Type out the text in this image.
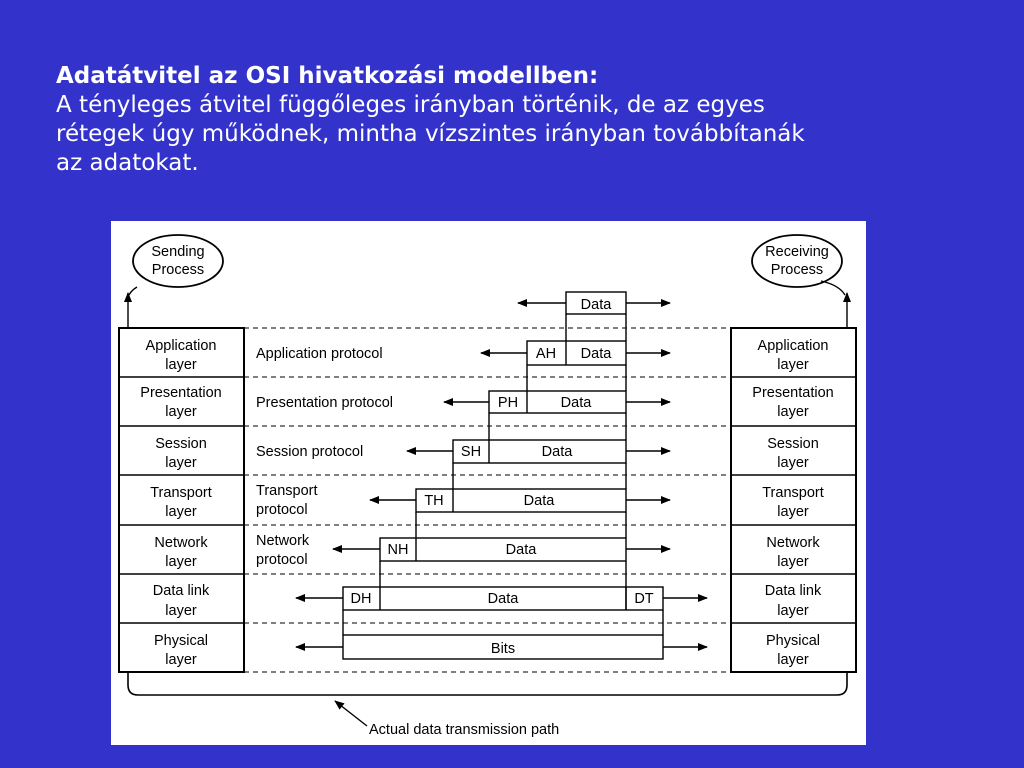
Adatátvitel az OSI hivatkozási modellben:
A tényleges átvitel függőleges irányban történik, de az egyes
rétegek úgy működnek, mintha vízszintes irányban továbbítanák
az adatokat.
Sending
Process
Receiving
Process
Application
layer
Presentation
layer
Session
layer
Transport
layer
Network
layer
Data link
layer
Physical
layer
Application
layer
Presentation
layer
Session
layer
Transport
layer
Network
layer
Data link
layer
Physical
layer
Application protocol
Presentation protocol
Session protocol
Transport
protocol
Network
protocol
Data
AH Data
PH	Data
SH	Data
TH	Data
NH	Data
DH	Data	DT
Bits
Actual data transmission path
